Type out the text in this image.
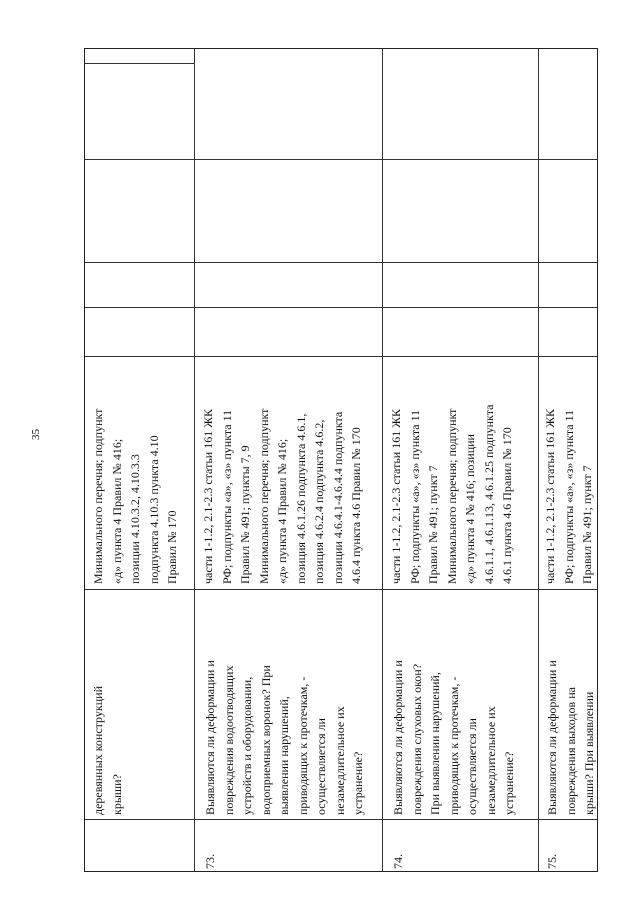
35
деревянных конструкций крыши?
Минимального перечня; подпункт «д» пункта 4 Правил № 416; позиции 4.10.3.2, 4.10.3.3 подпункта 4.10.3 пункта 4.10 Правил № 170
73.
Выявляются ли деформации и повреждения водоотводящих устройств и оборудовании, водоприемных воронок? При выявлении нарушений, приводящих к протечкам, - осуществляется ли незамедлительное их устранение?
части 1-1.2, 2.1-2.3 статьи 161 ЖК РФ; подпункты «а», «з» пункта 11 Правил № 491; пункты 7, 9 Минимального перечня; подпункт «д» пункта 4 Правил № 416; позиция 4.6.1.26 подпункта 4.6.1, позиция 4.6.2.4 подпункта 4.6.2, позиции 4.6.4.1-4.6.4.4 подпункта 4.6.4 пункта 4.6 Правил № 170
74.
Выявляются ли деформации и повреждения слуховых окон? При выявлении нарушений, приводящих к протечкам, - осуществляется ли незамедлительное их устранение?
части 1-1.2, 2.1-2.3 статьи 161 ЖК РФ; подпункты «а», «з» пункта 11 Правил № 491; пункт 7 Минимального перечня; подпункт «д» пункта 4 № 416; позиции 4.6.1.1, 4.6.1.13, 4.6.1.25 подпункта 4.6.1 пункта 4.6 Правил № 170
75.
Выявляются ли деформации и повреждения выходов на крыши? При выявлении
части 1-1.2, 2.1-2.3 статьи 161 ЖК РФ; подпункты «а», «з» пункта 11 Правил № 491; пункт 7
